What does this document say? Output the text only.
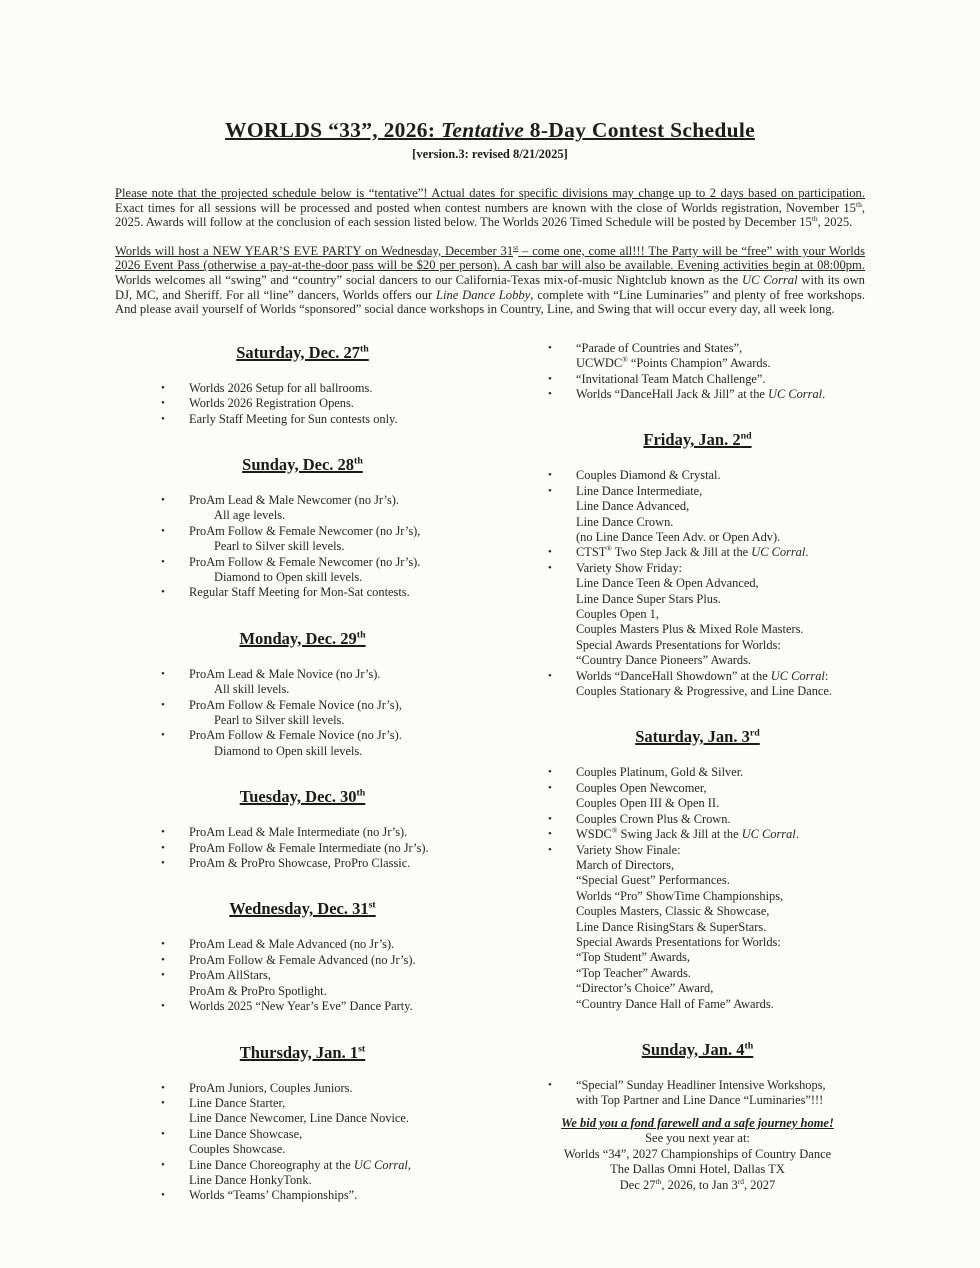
WORLDS “33”, 2026: Tentative 8-Day Contest Schedule
[version.3: revised 8/21/2025]

Please note that the projected schedule below is “tentative”! Actual dates for specific divisions may change up to 2 days based on participation. Exact times for all sessions will be processed and posted when contest numbers are known with the close of Worlds registration, November 15th, 2025. Awards will follow at the conclusion of each session listed below. The Worlds 2026 Timed Schedule will be posted by December 15th, 2025.

Worlds will host a NEW YEAR’S EVE PARTY on Wednesday, December 31st – come one, come all!!! The Party will be “free” with your Worlds 2026 Event Pass (otherwise a pay-at-the-door pass will be $20 per person). A cash bar will also be available. Evening activities begin at 08:00pm. Worlds welcomes all “swing” and “country” social dancers to our California-Texas mix-of-music Nightclub known as the UC Corral with its own DJ, MC, and Sheriff. For all “line” dancers, Worlds offers our Line Dance Lobby, complete with “Line Luminaries” and plenty of free workshops. And please avail yourself of Worlds “sponsored” social dance workshops in Country, Line, and Swing that will occur every day, all week long.

Saturday, Dec. 27th
•	Worlds 2026 Setup for all ballrooms.
•	Worlds 2026 Registration Opens.
•	Early Staff Meeting for Sun contests only.
Sunday, Dec. 28th
•	ProAm Lead & Male Newcomer (no Jr’s).
All age levels.
•	ProAm Follow & Female Newcomer (no Jr’s),
Pearl to Silver skill levels.
•	ProAm Follow & Female Newcomer (no Jr’s).
Diamond to Open skill levels.
•	Regular Staff Meeting for Mon-Sat contests.
Monday, Dec. 29th
•	ProAm Lead & Male Novice (no Jr’s).
All skill levels.
•	ProAm Follow & Female Novice (no Jr’s),
Pearl to Silver skill levels.
•	ProAm Follow & Female Novice (no Jr’s).
Diamond to Open skill levels.
Tuesday, Dec. 30th
•	ProAm Lead & Male Intermediate (no Jr’s).
•	ProAm Follow & Female Intermediate (no Jr’s).
•	ProAm & ProPro Showcase, ProPro Classic.
Wednesday, Dec. 31st
•	ProAm Lead & Male Advanced (no Jr’s).
•	ProAm Follow & Female Advanced (no Jr’s).
•	ProAm AllStars,
ProAm & ProPro Spotlight.
•	Worlds 2025 “New Year’s Eve” Dance Party.
Thursday, Jan. 1st
•	ProAm Juniors, Couples Juniors.
•	Line Dance Starter,
Line Dance Newcomer, Line Dance Novice.
•	Line Dance Showcase,
Couples Showcase.
•	Line Dance Choreography at the UC Corral,
Line Dance HonkyTonk.
•	Worlds “Teams’ Championships”.
•	“Parade of Countries and States”,
UCWDC® “Points Champion” Awards.
•	“Invitational Team Match Challenge”.
•	Worlds “DanceHall Jack & Jill” at the UC Corral.
Friday, Jan. 2nd
•	Couples Diamond & Crystal.
•	Line Dance Intermediate,
Line Dance Advanced,
Line Dance Crown.
(no Line Dance Teen Adv. or Open Adv).
•	CTST® Two Step Jack & Jill at the UC Corral.
•	Variety Show Friday:
Line Dance Teen & Open Advanced,
Line Dance Super Stars Plus.
Couples Open 1,
Couples Masters Plus & Mixed Role Masters.
Special Awards Presentations for Worlds:
“Country Dance Pioneers” Awards.
•	Worlds “DanceHall Showdown” at the UC Corral:
Couples Stationary & Progressive, and Line Dance.
Saturday, Jan. 3rd
•	Couples Platinum, Gold & Silver.
•	Couples Open Newcomer,
Couples Open III & Open II.
•	Couples Crown Plus & Crown.
•	WSDC® Swing Jack & Jill at the UC Corral.
•	Variety Show Finale:
March of Directors,
“Special Guest” Performances.
Worlds “Pro” ShowTime Championships,
Couples Masters, Classic & Showcase,
Line Dance RisingStars & SuperStars.
Special Awards Presentations for Worlds:
“Top Student” Awards,
“Top Teacher” Awards.
“Director’s Choice” Award,
“Country Dance Hall of Fame” Awards.
Sunday, Jan. 4th
•	“Special” Sunday Headliner Intensive Workshops,
with Top Partner and Line Dance “Luminaries”!!!
We bid you a fond farewell and a safe journey home!
See you next year at:
Worlds “34”, 2027 Championships of Country Dance
The Dallas Omni Hotel, Dallas TX
Dec 27th, 2026, to Jan 3rd, 2027
